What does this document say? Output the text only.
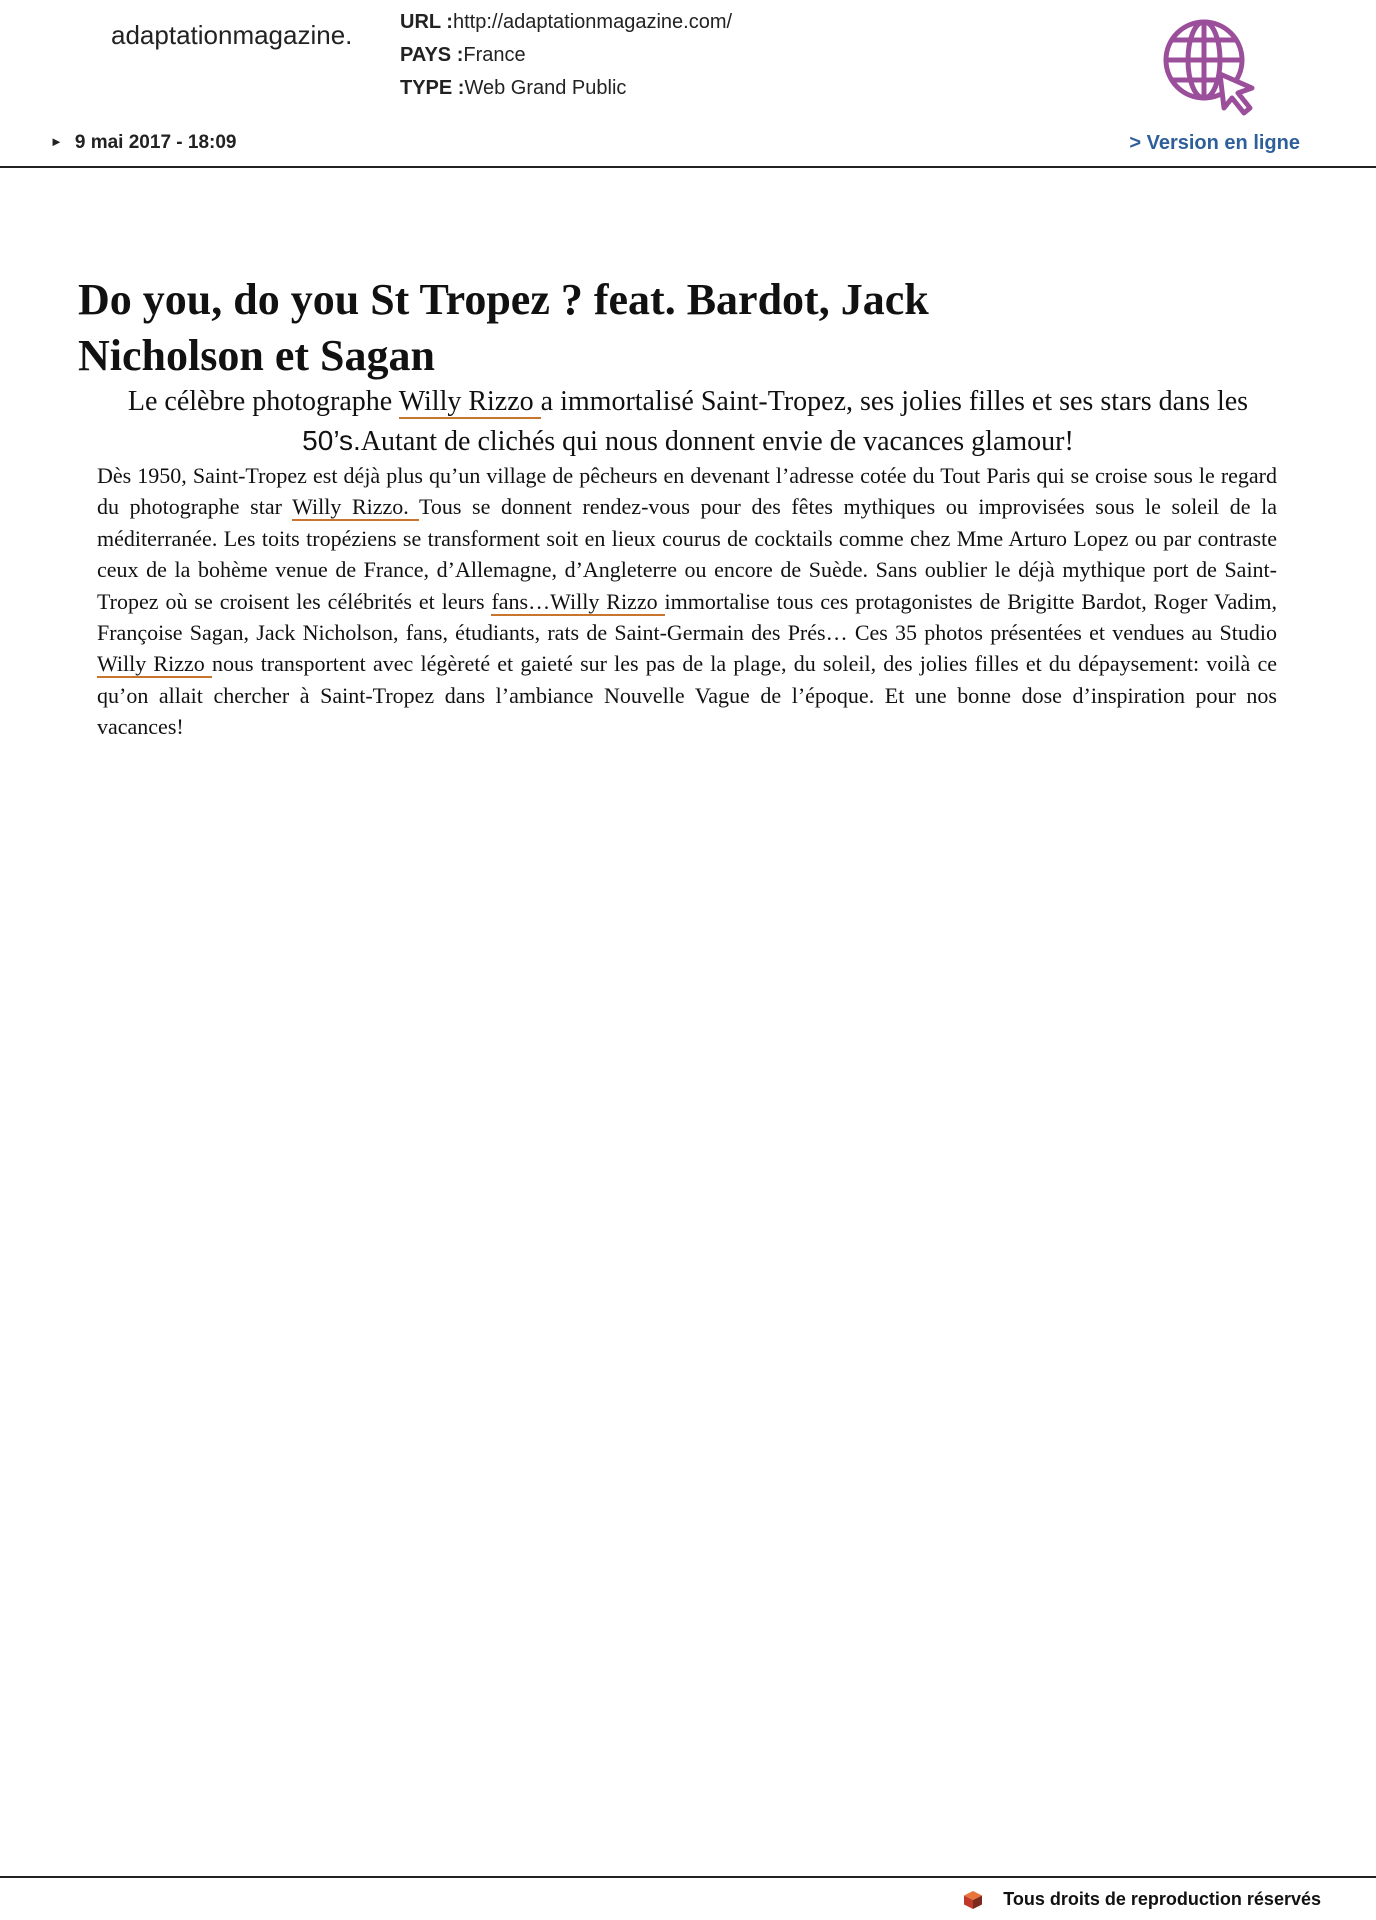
adaptationmagazine. URL :http://adaptationmagazine.com/
PAYS :France
TYPE :Web Grand Public
► 9 mai 2017 - 18:09	> Version en ligne
Do you, do you St Tropez ? feat. Bardot, Jack Nicholson et Sagan
Le célèbre photographe Willy Rizzo a immortalisé Saint-Tropez, ses jolies filles et ses stars dans les 50’s.Autant de clichés qui nous donnent envie de vacances glamour!
Dès 1950, Saint-Tropez est déjà plus qu’un village de pêcheurs en devenant l’adresse cotée du Tout Paris qui se croise sous le regard du photographe star Willy Rizzo. Tous se donnent rendez-vous pour des fêtes mythiques ou improvisées sous le soleil de la méditerranée. Les toits tropéziens se transforment soit en lieux courus de cocktails comme chez Mme Arturo Lopez ou par contraste ceux de la bohème venue de France, d’Allemagne, d’Angleterre ou encore de Suède. Sans oublier le déjà mythique port de Saint-Tropez où se croisent les célébrités et leurs fans…Willy Rizzo immortalise tous ces protagonistes de Brigitte Bardot, Roger Vadim, Françoise Sagan, Jack Nicholson, fans, étudiants, rats de Saint-Germain des Prés… Ces 35 photos présentées et vendues au Studio Willy Rizzo nous transportent avec légèreté et gaieté sur les pas de la plage, du soleil, des jolies filles et du dépaysement: voilà ce qu’on allait chercher à Saint-Tropez dans l’ambiance Nouvelle Vague de l’époque. Et une bonne dose d’inspiration pour nos vacances!
Tous droits de reproduction réservés
